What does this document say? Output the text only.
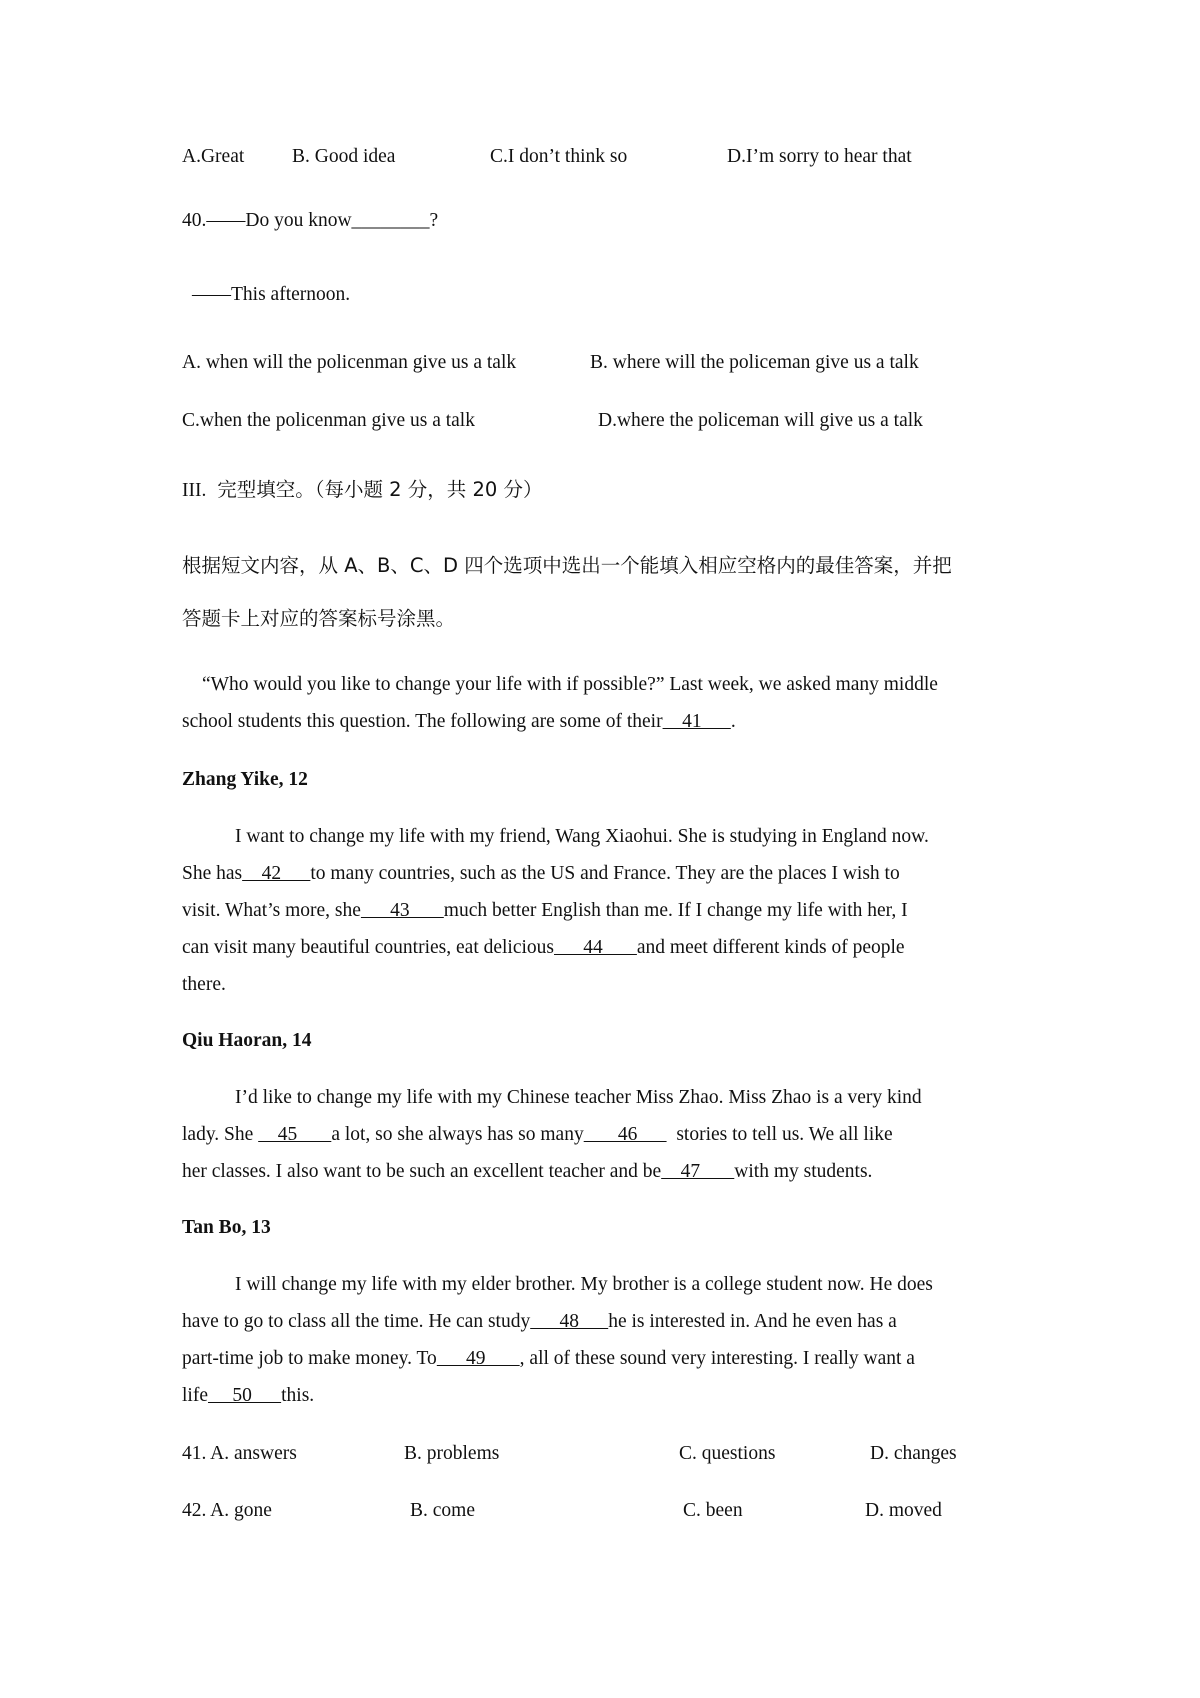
A.Great B. Good idea	C.I don’t think so	D.I’m sorry to hear that
40.——Do you know________?
——This afternoon.
A. when will the policenman give us a talk	B. where will the policeman give us a talk
C.when the policenman give us a talk	D.where the policeman will give us a talk
III. 完型填空。（每小题 2 分，共 20 分）
根据短文内容，从 A、B、C、D 四个选项中选出一个能填入相应空格内的最佳答案，并把
答题卡上对应的答案标号涂黑。
“Who would you like to change your life with if possible?” Last week, we asked many middle
school students this question. The following are some of their    41      .
Zhang Yike, 12
I want to change my life with my friend, Wang Xiaohui. She is studying in England now.
She has    42      to many countries, such as the US and France. They are the places I wish to
visit. What’s more, she      43       much better English than me. If I change my life with her, I
can visit many beautiful countries, eat delicious      44       and meet different kinds of people
there.
Qiu Haoran, 14
I’d like to change my life with my Chinese teacher Miss Zhao. Miss Zhao is a very kind
lady. She     45       a lot, so she always has so many       46        stories to tell us. We all like
her classes. I also want to be such an excellent teacher and be    47       with my students.
Tan Bo, 13
I will change my life with my elder brother. My brother is a college student now. He does
have to go to class all the time. He can study      48      he is interested in. And he even has a
part-time job to make money. To      49       , all of these sound very interesting. I really want a
life     50      this.
41. A. answers	B. problems	C. questions	D. changes
42. A. gone	B. come	C. been	D. moved
